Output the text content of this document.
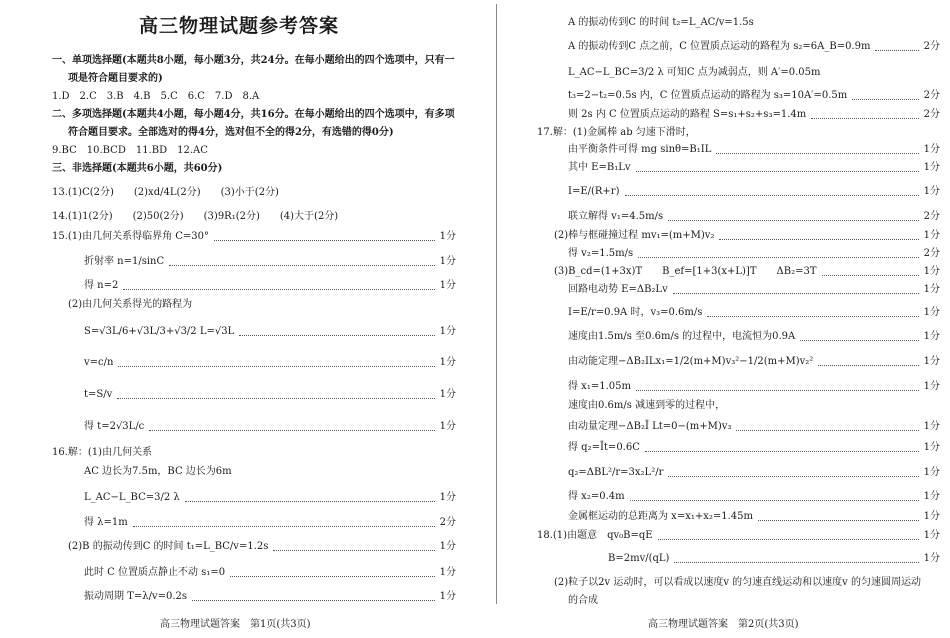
高三物理试题参考答案
一、单项选择题(本题共8小题，每小题3分，共24分。在每小题给出的四个选项中，只有一
项是符合题目要求的)
1.D　2.C　3.B　4.B　5.C　6.C　7.D　8.A
二、多项选择题(本题共4小题，每小题4分，共16分。在每小题给出的四个选项中，有多项
符合题目要求。全部选对的得4分，选对但不全的得2分，有选错的得0分)
9.BC　10.BCD　11.BD　12.AC
三、非选择题(本题共6小题，共60分)
13.(1)C(2分)　　(2)xd/4L(2分)　　(3)小于(2分)
14.(1)1(2分)　　(2)50(2分)　　(3)9R₁(2分)　　(4)大于(2分)
15.(1)由几何关系得临界角 C=30°	1分
折射率 n=1/sinC	1分
得 n=2	1分
(2)由几何关系得光的路程为
S=√3L/6+√3L/3+√3/2 L=√3L	1分
v=c/n	1分
t=S/v	1分
得 t=2√3L/c	1分
16.解：(1)由几何关系
AC 边长为7.5m，BC 边长为6m
L_AC−L_BC=3/2 λ	1分
得 λ=1m	2分
(2)B 的振动传到C 的时间 t₁=L_BC/v=1.2s	1分
此时 C 位置质点静止不动 s₁=0	1分
振动周期 T=λ/v=0.2s	1分
高三物理试题答案　第1页(共3页)
A 的振动传到C 的时间 t₂=L_AC/v=1.5s
A 的振动传到C 点之前，C 位置质点运动的路程为 s₂=6A_B=0.9m	2分
L_AC−L_BC=3/2 λ 可知C 点为减弱点，则 A′=0.05m
t₃=2−t₂=0.5s 内，C 位置质点运动的路程为 s₃=10A′=0.5m	2分
则 2s 内 C 位置质点运动的路程 S=s₁+s₂+s₃=1.4m	2分
17.解：(1)金属棒 ab 匀速下滑时，
由平衡条件可得 mg sinθ=B₁IL	1分
其中 E=B₁Lv	1分
I=E/(R+r)	1分
联立解得 v₁=4.5m/s	2分
(2)棒与框碰撞过程 mv₁=(m+M)v₂	1分
得 v₂=1.5m/s	2分
(3)B_cd=(1+3x)T　　B_ef=[1+3(x+L)]T　　ΔB₂=3T	1分
回路电动势 E=ΔB₂Lv	1分
I=E/r=0.9A 时，v₃=0.6m/s	1分
速度由1.5m/s 至0.6m/s 的过程中，电流恒为0.9A	1分
由动能定理−ΔB₂ILx₁=1/2(m+M)v₃²−1/2(m+M)v₂²	1分
得 x₁=1.05m	1分
速度由0.6m/s 减速到零的过程中，
由动量定理−ΔB₂Ī Lt=0−(m+M)v₃	1分
得 q₂=Īt=0.6C	1分
q₂=ΔBL²/r=3x₂L²/r	1分
得 x₂=0.4m	1分
金属框运动的总距离为 x=x₁+x₂=1.45m	1分
18.(1)由题意　qv₀B=qE	1分
B=2mv/(qL)	1分
(2)粒子以2v 运动时，可以看成以速度v 的匀速直线运动和以速度v 的匀速圆周运动
的合成
高三物理试题答案　第2页(共3页)
